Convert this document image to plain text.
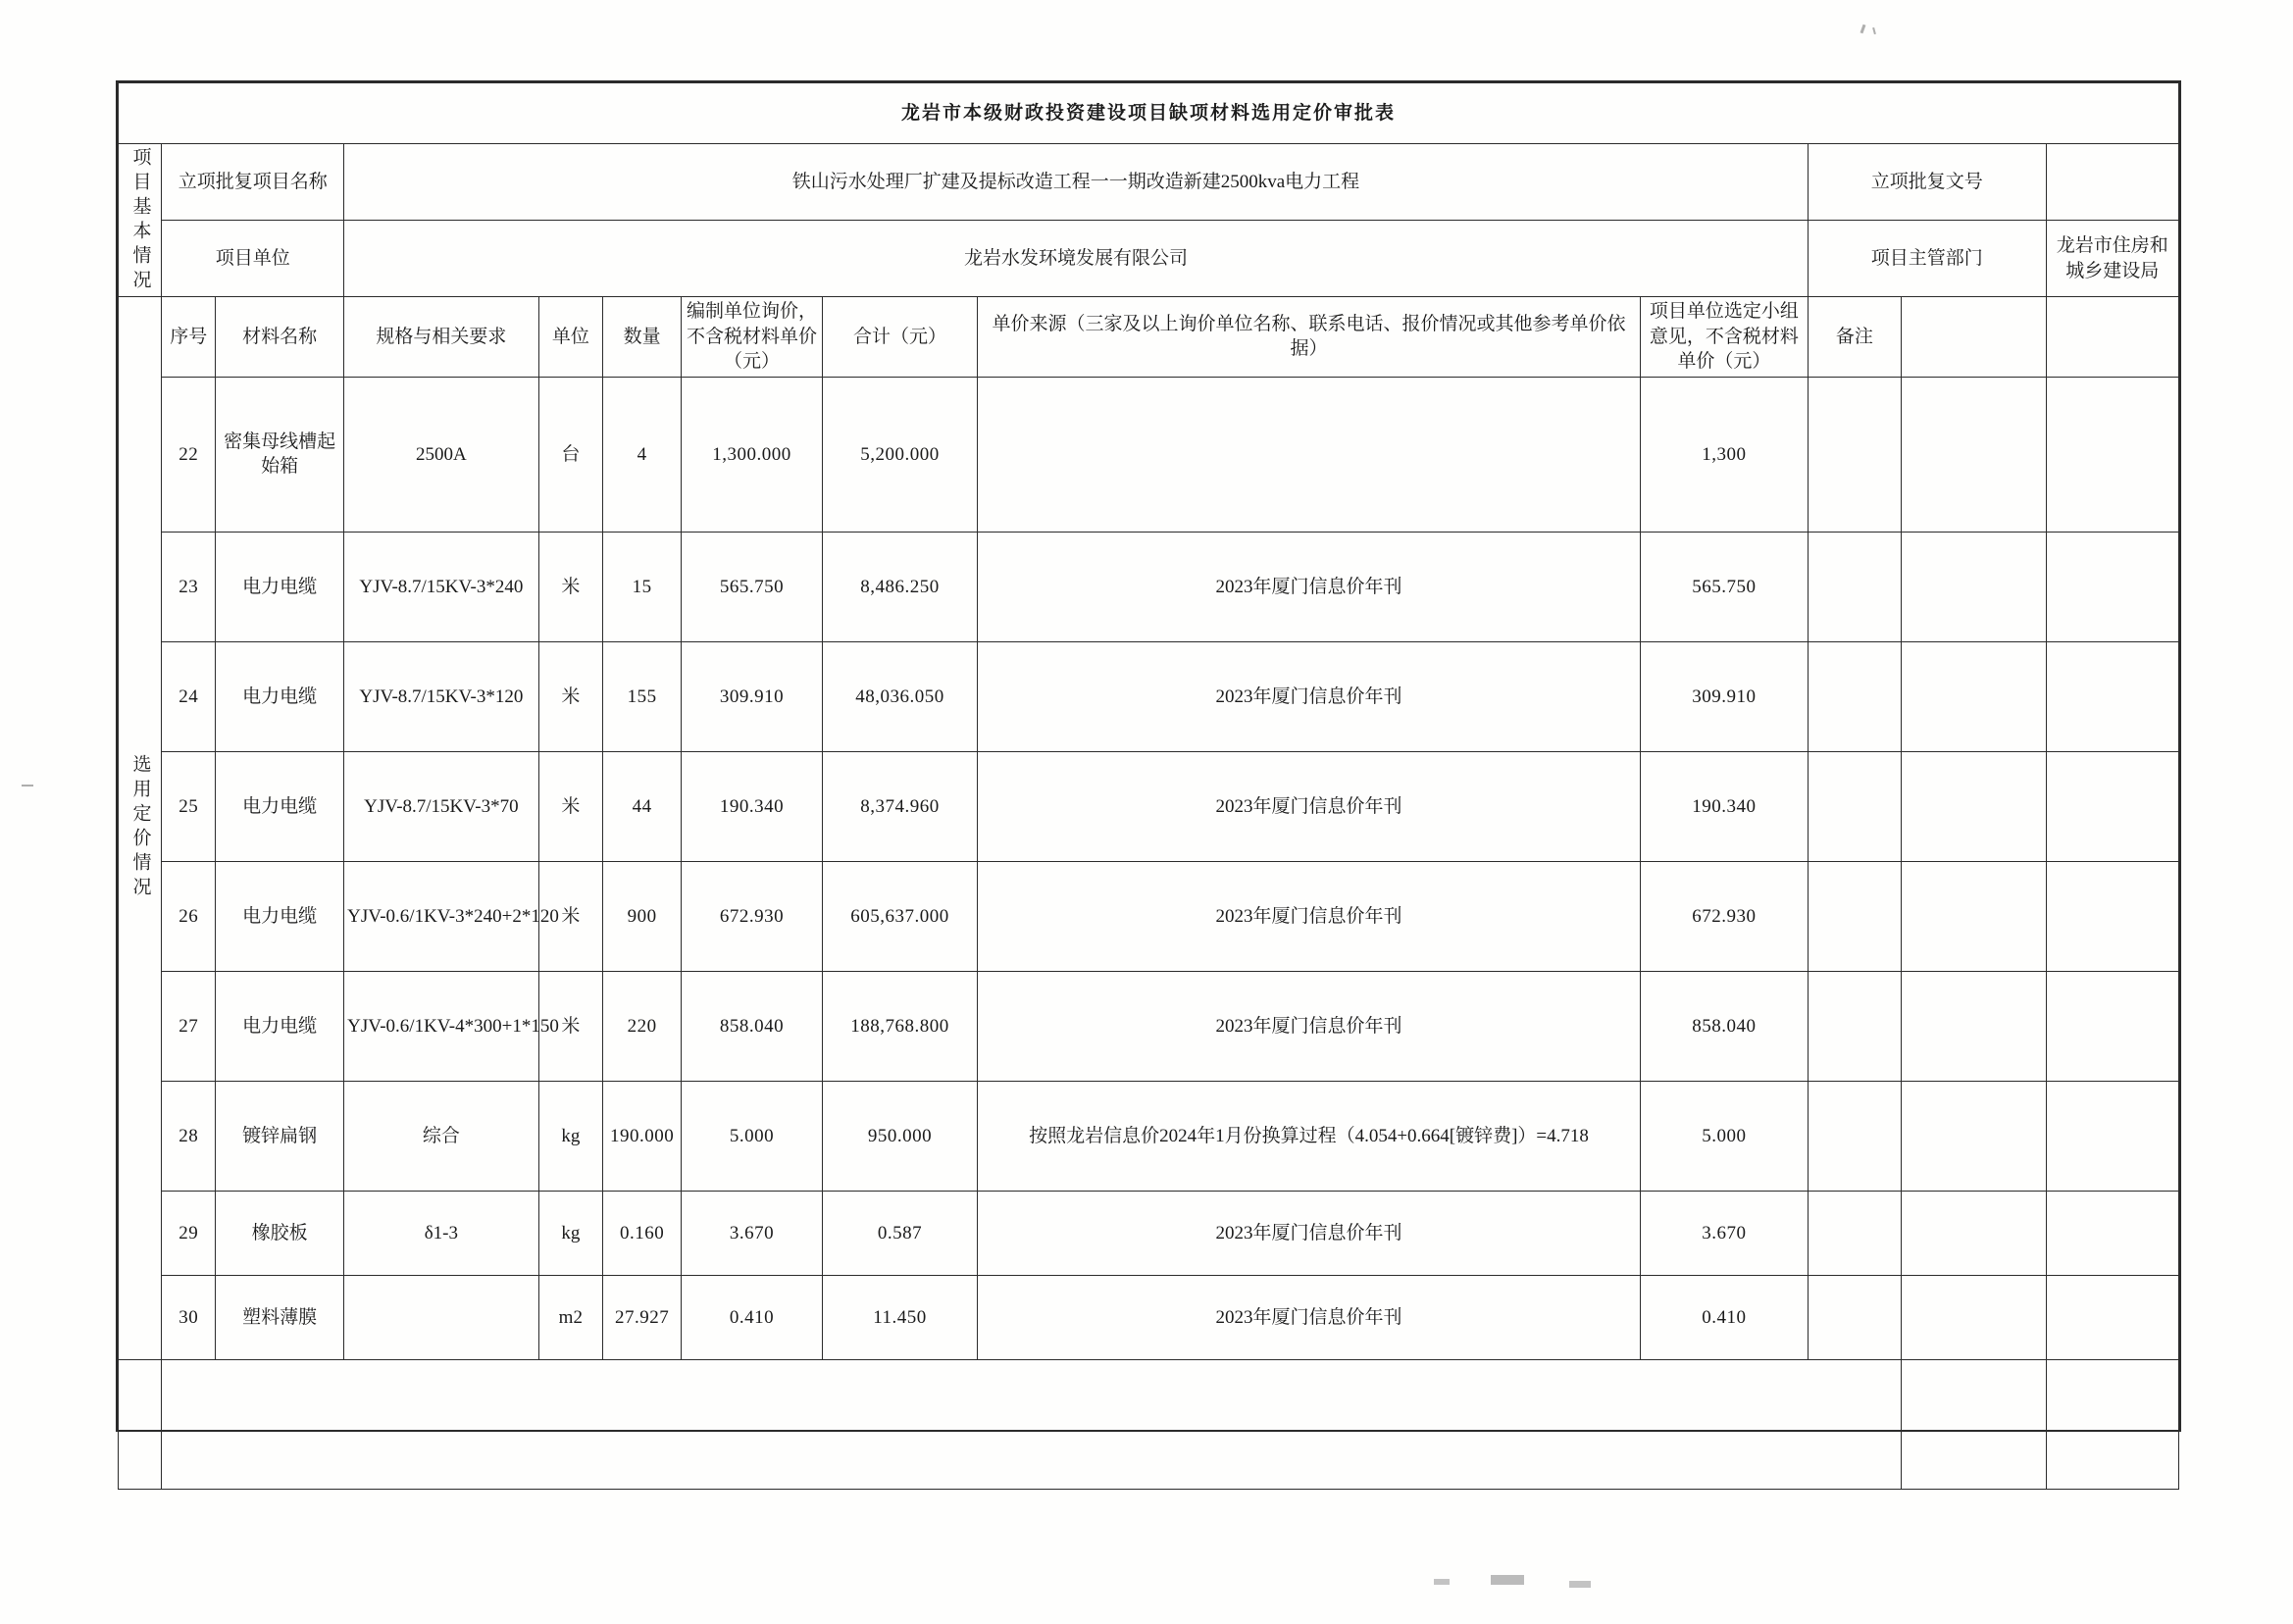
龙岩市本级财政投资建设项目缺项材料选用定价审批表												

项目基本情况	立项批复项目名称		铁山污水处理厂扩建及提标改造工程一一期改造新建2500kva电力工程							立项批复文号		
	项目单位		龙岩水发环境发展有限公司							项目主管部门		龙岩市住房和城乡建设局

选用定价情况	序号	材料名称	规格与相关要求	单位	数量	编制单位询价，不含税材料单价（元）	合计（元）	单价来源（三家及以上询价单位名称、联系电话、报价情况或其他参考单价依据）	项目单位选定小组意见，不含税材料单价（元）	备注		
	22	密集母线槽起始箱	2500A	台	4	1,300.000	5,200.000		1,300			
	23	电力电缆	YJV-8.7/15KV-3*240	米	15	565.750	8,486.250	2023年厦门信息价年刊	565.750			
	24	电力电缆	YJV-8.7/15KV-3*120	米	155	309.910	48,036.050	2023年厦门信息价年刊	309.910			
	25	电力电缆	YJV-8.7/15KV-3*70	米	44	190.340	8,374.960	2023年厦门信息价年刊	190.340			
	26	电力电缆	YJV-0.6/1KV-3*240+2*120	米	900	672.930	605,637.000	2023年厦门信息价年刊	672.930			
	27	电力电缆	YJV-0.6/1KV-4*300+1*150	米	220	858.040	188,768.800	2023年厦门信息价年刊	858.040			
	28	镀锌扁钢	综合	kg	190.000	5.000	950.000	按照龙岩信息价2024年1月份换算过程（4.054+0.664[镀锌费]）=4.718	5.000			
	29	橡胶板	δ1-3	kg	0.160	3.670	0.587	2023年厦门信息价年刊	3.670			
	30	塑料薄膜		m2	27.927	0.410	11.450	2023年厦门信息价年刊	0.410			
